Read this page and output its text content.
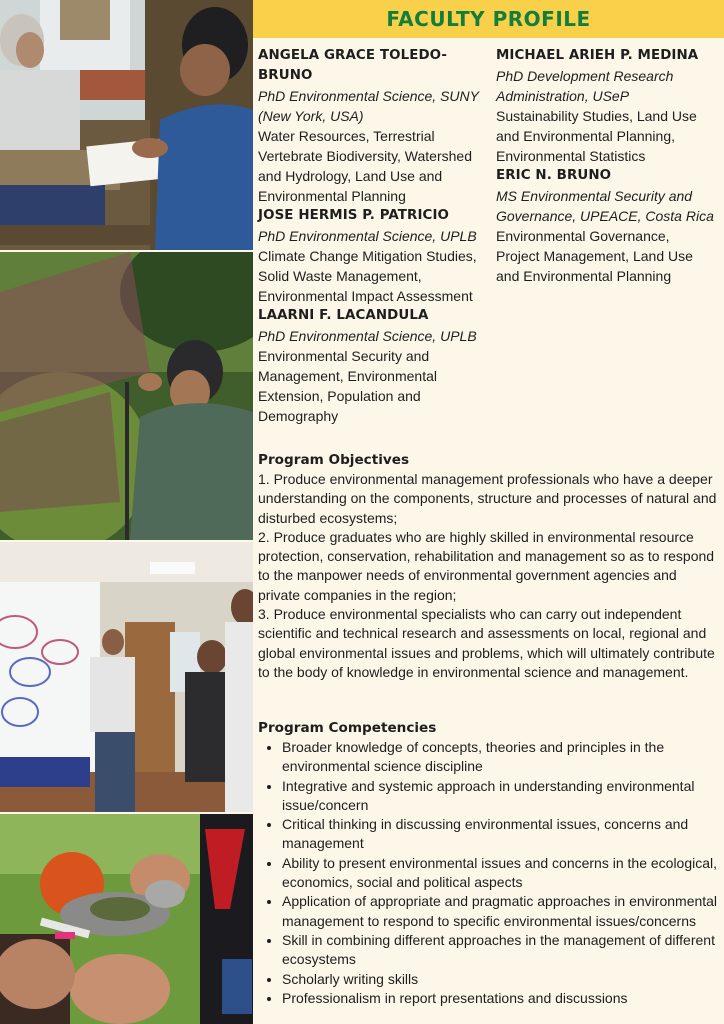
FACULTY PROFILE
ANGELA GRACE TOLEDO-BRUNO
PhD Environmental Science, SUNY (New York, USA)
Water Resources, Terrestrial Vertebrate Biodiversity, Watershed and Hydrology, Land Use and Environmental Planning
JOSE HERMIS P. PATRICIO
PhD Environmental Science, UPLB
Climate Change Mitigation Studies, Solid Waste Management, Environmental Impact Assessment
LAARNI F. LACANDULA
PhD Environmental Science, UPLB
Environmental Security and Management, Environmental Extension, Population and Demography
MICHAEL ARIEH P. MEDINA
PhD Development Research Administration, USeP
Sustainability Studies, Land Use and Environmental Planning, Environmental Statistics
ERIC N. BRUNO
MS Environmental Security and Governance, UPEACE, Costa Rica
Environmental Governance, Project Management, Land Use and Environmental Planning

Program Objectives

1. Produce environmental management professionals who have a deeper understanding on the components, structure and processes of natural and disturbed ecosystems;

2. Produce graduates who are highly skilled in environmental resource protection, conservation, rehabilitation and management so as to respond to the manpower needs of environmental government agencies and private companies in the region;

3. Produce environmental specialists who can carry out independent scientific and technical research and assessments on local, regional and global environmental issues and problems, which will ultimately contribute to the body of knowledge in environmental science and management.

Program Competencies

• Broader knowledge of concepts, theories and principles in the environmental science discipline
• Integrative and systemic approach in understanding environmental issue/concern
• Critical thinking in discussing environmental issues, concerns and management
• Ability to present environmental issues and concerns in the ecological, economics, social and political aspects
• Application of appropriate and pragmatic approaches in environmental management to respond to specific environmental issues/concerns
• Skill in combining different approaches in the management of different ecosystems
• Scholarly writing skills
• Professionalism in report presentations and discussions
